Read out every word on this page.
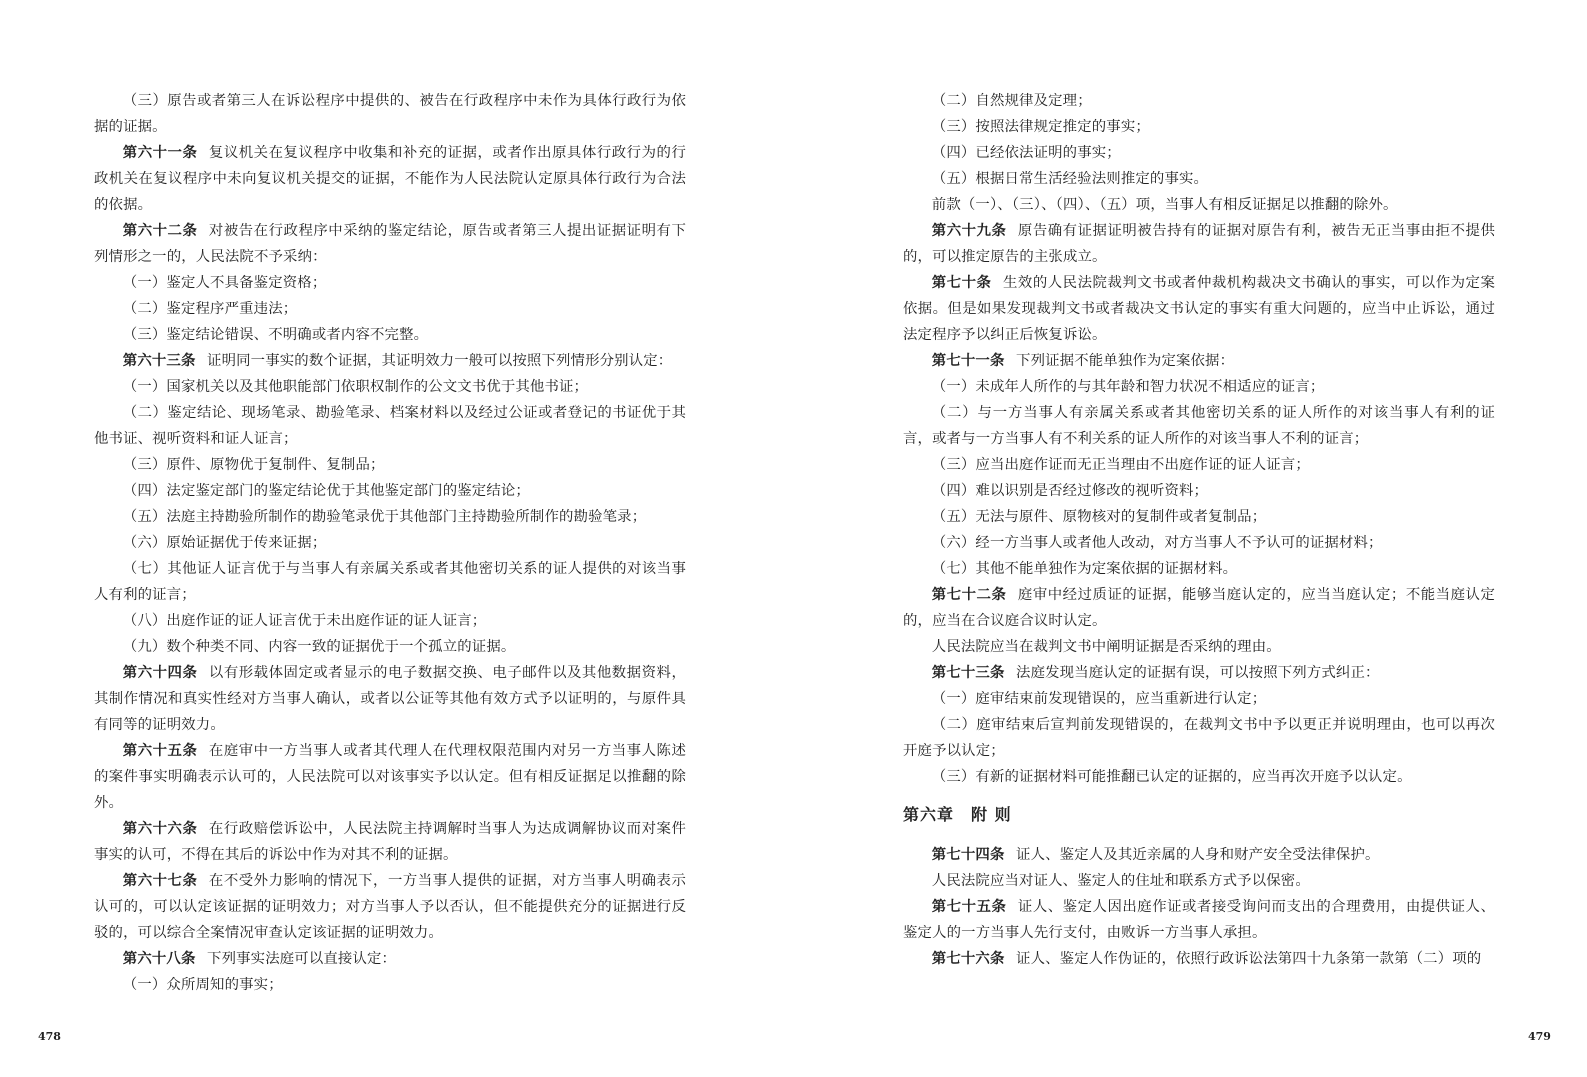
（三）原告或者第三人在诉讼程序中提供的、被告在行政程序中未作为具体行政行为依据的证据。

第六十一条 复议机关在复议程序中收集和补充的证据，或者作出原具体行政行为的行政机关在复议程序中未向复议机关提交的证据，不能作为人民法院认定原具体行政行为合法的依据。

第六十二条 对被告在行政程序中采纳的鉴定结论，原告或者第三人提出证据证明有下列情形之一的，人民法院不予采纳：

（一）鉴定人不具备鉴定资格；

（二）鉴定程序严重违法；

（三）鉴定结论错误、不明确或者内容不完整。

第六十三条 证明同一事实的数个证据，其证明效力一般可以按照下列情形分别认定：

（一）国家机关以及其他职能部门依职权制作的公文文书优于其他书证；

（二）鉴定结论、现场笔录、勘验笔录、档案材料以及经过公证或者登记的书证优于其他书证、视听资料和证人证言；

（三）原件、原物优于复制件、复制品；

（四）法定鉴定部门的鉴定结论优于其他鉴定部门的鉴定结论；

（五）法庭主持勘验所制作的勘验笔录优于其他部门主持勘验所制作的勘验笔录；

（六）原始证据优于传来证据；

（七）其他证人证言优于与当事人有亲属关系或者其他密切关系的证人提供的对该当事人有利的证言；

（八）出庭作证的证人证言优于未出庭作证的证人证言；

（九）数个种类不同、内容一致的证据优于一个孤立的证据。

第六十四条 以有形载体固定或者显示的电子数据交换、电子邮件以及其他数据资料，其制作情况和真实性经对方当事人确认，或者以公证等其他有效方式予以证明的，与原件具有同等的证明效力。

第六十五条 在庭审中一方当事人或者其代理人在代理权限范围内对另一方当事人陈述的案件事实明确表示认可的，人民法院可以对该事实予以认定。但有相反证据足以推翻的除外。

第六十六条 在行政赔偿诉讼中，人民法院主持调解时当事人为达成调解协议而对案件事实的认可，不得在其后的诉讼中作为对其不利的证据。

第六十七条 在不受外力影响的情况下，一方当事人提供的证据，对方当事人明确表示认可的，可以认定该证据的证明效力；对方当事人予以否认，但不能提供充分的证据进行反驳的，可以综合全案情况审查认定该证据的证明效力。

第六十八条 下列事实法庭可以直接认定：

（一）众所周知的事实；

（二）自然规律及定理；

（三）按照法律规定推定的事实；

（四）已经依法证明的事实；

（五）根据日常生活经验法则推定的事实。

前款（一）、（三）、（四）、（五）项，当事人有相反证据足以推翻的除外。

第六十九条 原告确有证据证明被告持有的证据对原告有利，被告无正当事由拒不提供的，可以推定原告的主张成立。

第七十条 生效的人民法院裁判文书或者仲裁机构裁决文书确认的事实，可以作为定案依据。但是如果发现裁判文书或者裁决文书认定的事实有重大问题的，应当中止诉讼，通过法定程序予以纠正后恢复诉讼。

第七十一条 下列证据不能单独作为定案依据：

（一）未成年人所作的与其年龄和智力状况不相适应的证言；

（二）与一方当事人有亲属关系或者其他密切关系的证人所作的对该当事人有利的证言，或者与一方当事人有不利关系的证人所作的对该当事人不利的证言；

（三）应当出庭作证而无正当理由不出庭作证的证人证言；

（四）难以识别是否经过修改的视听资料；

（五）无法与原件、原物核对的复制件或者复制品；

（六）经一方当事人或者他人改动，对方当事人不予认可的证据材料；

（七）其他不能单独作为定案依据的证据材料。

第七十二条 庭审中经过质证的证据，能够当庭认定的，应当当庭认定；不能当庭认定的，应当在合议庭合议时认定。

人民法院应当在裁判文书中阐明证据是否采纳的理由。

第七十三条 法庭发现当庭认定的证据有误，可以按照下列方式纠正：

（一）庭审结束前发现错误的，应当重新进行认定；

（二）庭审结束后宣判前发现错误的，在裁判文书中予以更正并说明理由，也可以再次开庭予以认定；

（三）有新的证据材料可能推翻已认定的证据的，应当再次开庭予以认定。

第六章　附 则

第七十四条 证人、鉴定人及其近亲属的人身和财产安全受法律保护。

人民法院应当对证人、鉴定人的住址和联系方式予以保密。

第七十五条 证人、鉴定人因出庭作证或者接受询问而支出的合理费用，由提供证人、鉴定人的一方当事人先行支付，由败诉一方当事人承担。

第七十六条 证人、鉴定人作伪证的，依照行政诉讼法第四十九条第一款第（二）项的

478	479
